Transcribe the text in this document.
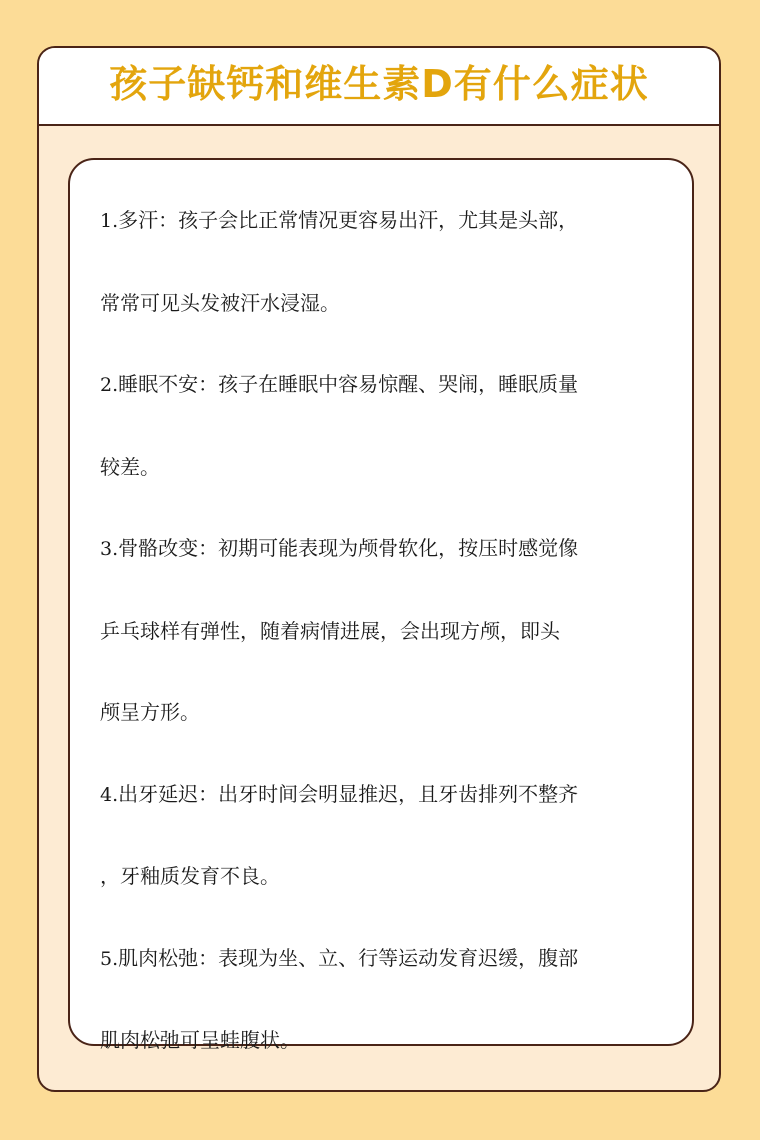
孩子缺钙和维生素D有什么症状

1.多汗：孩子会比正常情况更容易出汗，尤其是头部，

常常可见头发被汗水浸湿。

2.睡眠不安：孩子在睡眠中容易惊醒、哭闹，睡眠质量

较差。

3.骨骼改变：初期可能表现为颅骨软化，按压时感觉像

乒乓球样有弹性，随着病情进展，会出现方颅，即头

颅呈方形。

4.出牙延迟：出牙时间会明显推迟，且牙齿排列不整齐

，牙釉质发育不良。

5.肌肉松弛：表现为坐、立、行等运动发育迟缓，腹部

肌肉松弛可呈蛙腹状。
